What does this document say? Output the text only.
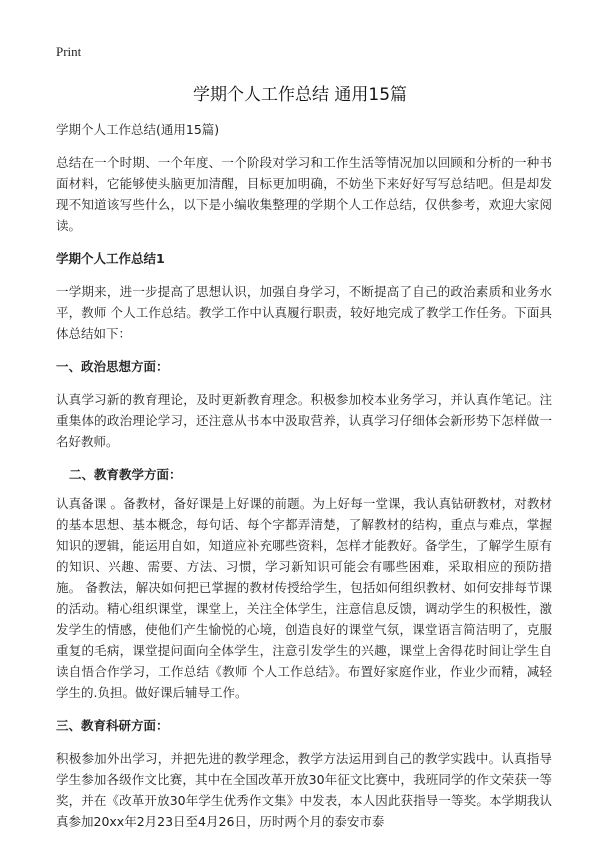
Print
学期个人工作总结 通用15篇

学期个人工作总结(通用15篇)

总结在一个时期、一个年度、一个阶段对学习和工作生活等情况加以回顾和分析的一种书面材料，它能够使头脑更加清醒，目标更加明确，不妨坐下来好好写写总结吧。但是却发现不知道该写些什么，以下是小编收集整理的学期个人工作总结，仅供参考，欢迎大家阅读。

学期个人工作总结1

一学期来，进一步提高了思想认识，加强自身学习，不断提高了自己的政治素质和业务水平，教师 个人工作总结。教学工作中认真履行职责，较好地完成了教学工作任务。下面具体总结如下：

一、政治思想方面：

认真学习新的教育理论，及时更新教育理念。积极参加校本业务学习，并认真作笔记。注重集体的政治理论学习，还注意从书本中汲取营养，认真学习仔细体会新形势下怎样做一名好教师。

二、教育教学方面：

认真备课 。备教材，备好课是上好课的前题。为上好每一堂课，我认真钻研教材，对教材的基本思想、基本概念，每句话、每个字都弄清楚，了解教材的结构，重点与难点，掌握知识的逻辑，能运用自如，知道应补充哪些资料，怎样才能教好。备学生，了解学生原有的知识、兴趣、需要、方法、习惯，学习新知识可能会有哪些困难，采取相应的预防措施。 备教法，解决如何把已掌握的教材传授给学生，包括如何组织教材、如何安排每节课的活动。精心组织课堂，课堂上，关注全体学生，注意信息反馈，调动学生的积极性，激发学生的情感，使他们产生愉悦的心境，创造良好的课堂气氛，课堂语言简洁明了，克服重复的毛病，课堂提问面向全体学生，注意引发学生的兴趣，课堂上舍得花时间让学生自读自悟合作学习，工作总结《教师 个人工作总结》。布置好家庭作业，作业少而精，减轻学生的.负担。做好课后辅导工作。

三、教育科研方面：

积极参加外出学习，并把先进的教学理念，教学方法运用到自己的教学实践中。认真指导学生参加各级作文比赛，其中在全国改革开放30年征文比赛中，我班同学的作文荣获一等奖，并在《改革开放30年学生优秀作文集》中发表，本人因此获指导一等奖。本学期我认真参加20xx年2月23日至4月26日，历时两个月的泰安市泰
